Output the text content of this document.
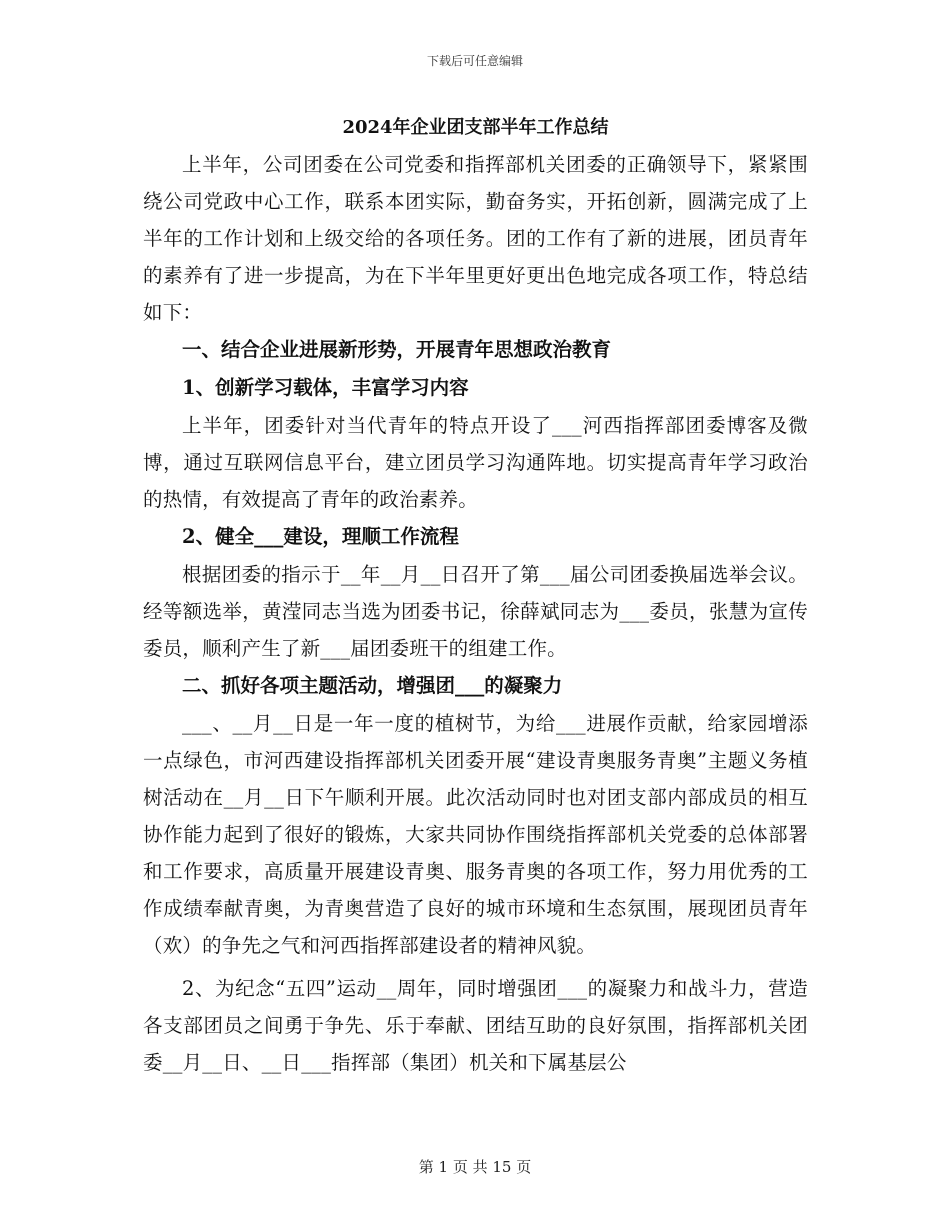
下载后可任意编辑
2024年企业团支部半年工作总结

上半年，公司团委在公司党委和指挥部机关团委的正确领导下，紧紧围绕公司党政中心工作，联系本团实际，勤奋务实，开拓创新，圆满完成了上半年的工作计划和上级交给的各项任务。团的工作有了新的进展，团员青年的素养有了进一步提高，为在下半年里更好更出色地完成各项工作，特总结如下：

一、结合企业进展新形势，开展青年思想政治教育

1、创新学习载体，丰富学习内容

上半年，团委针对当代青年的特点开设了___河西指挥部团委博客及微博，通过互联网信息平台，建立团员学习沟通阵地。切实提高青年学习政治的热情，有效提高了青年的政治素养。

2、健全___建设，理顺工作流程

根据团委的指示于__年__月__日召开了第___届公司团委换届选举会议。经等额选举，黄滢同志当选为团委书记，徐薛斌同志为___委员，张慧为宣传委员，顺利产生了新___届团委班干的组建工作。

二、抓好各项主题活动，增强团___的凝聚力

___、__月__日是一年一度的植树节，为给___进展作贡献，给家园增添一点绿色，市河西建设指挥部机关团委开展“建设青奥服务青奥”主题义务植树活动在__月__日下午顺利开展。此次活动同时也对团支部内部成员的相互协作能力起到了很好的锻炼，大家共同协作围绕指挥部机关党委的总体部署和工作要求，高质量开展建设青奥、服务青奥的各项工作，努力用优秀的工作成绩奉献青奥，为青奥营造了良好的城市环境和生态氛围，展现团员青年（欢）的争先之气和河西指挥部建设者的精神风貌。

2、为纪念“五四”运动__周年，同时增强团___的凝聚力和战斗力，营造各支部团员之间勇于争先、乐于奉献、团结互助的良好氛围，指挥部机关团委__月__日、__日___指挥部（集团）机关和下属基层公

第 1 页 共 15 页
